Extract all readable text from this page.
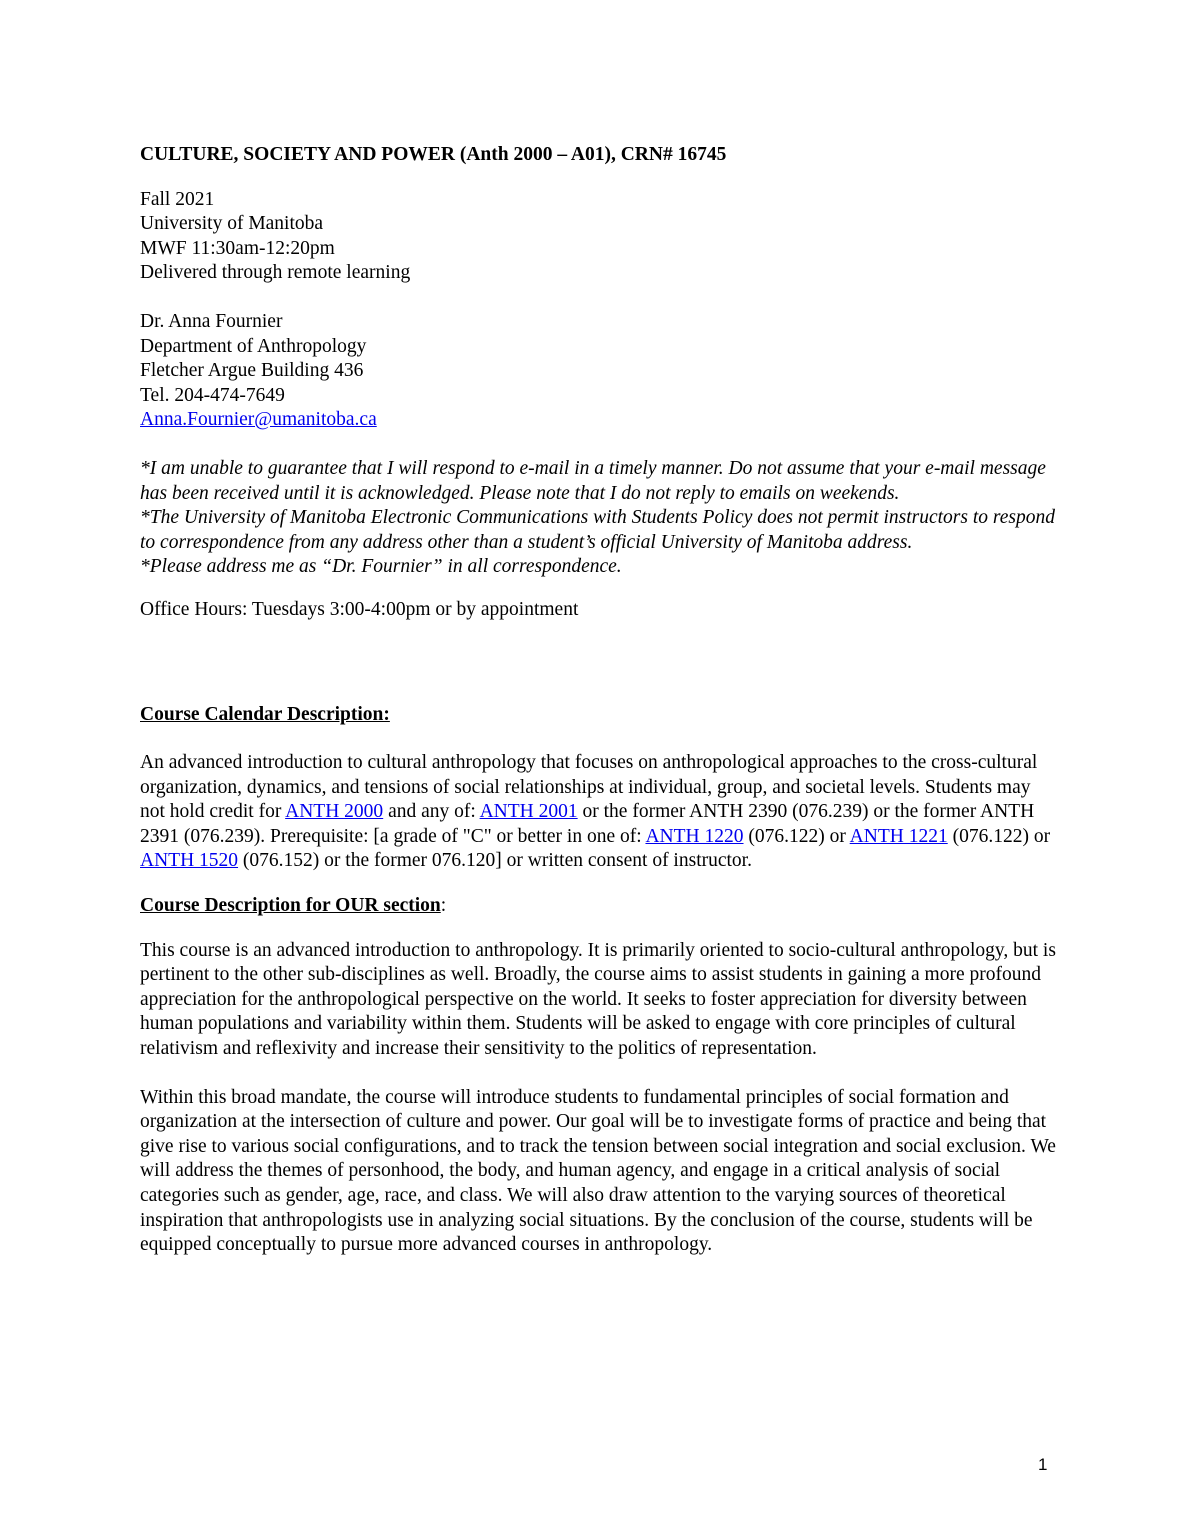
CULTURE, SOCIETY AND POWER (Anth 2000 – A01), CRN# 16745
Fall 2021
University of Manitoba
MWF 11:30am-12:20pm
Delivered through remote learning
Dr. Anna Fournier
Department of Anthropology
Fletcher Argue Building 436
Tel. 204-474-7649
Anna.Fournier@umanitoba.ca

*I am unable to guarantee that I will respond to e-mail in a timely manner. Do not assume that your e-mail message has been received until it is acknowledged. Please note that I do not reply to emails on weekends.

*The University of Manitoba Electronic Communications with Students Policy does not permit instructors to respond to correspondence from any address other than a student’s official University of Manitoba address.

*Please address me as “Dr. Fournier” in all correspondence.

Office Hours: Tuesdays 3:00-4:00pm or by appointment
Course Calendar Description:

An advanced introduction to cultural anthropology that focuses on anthropological approaches to the cross-cultural organization, dynamics, and tensions of social relationships at individual, group, and societal levels. Students may not hold credit for ANTH 2000 and any of: ANTH 2001 or the former ANTH 2390 (076.239) or the former ANTH 2391 (076.239). Prerequisite: [a grade of "C" or better in one of: ANTH 1220 (076.122) or ANTH 1221 (076.122) or ANTH 1520 (076.152) or the former 076.120] or written consent of instructor.

Course Description for OUR section:

This course is an advanced introduction to anthropology. It is primarily oriented to socio-cultural anthropology, but is pertinent to the other sub-disciplines as well. Broadly, the course aims to assist students in gaining a more profound appreciation for the anthropological perspective on the world. It seeks to foster appreciation for diversity between human populations and variability within them. Students will be asked to engage with core principles of cultural relativism and reflexivity and increase their sensitivity to the politics of representation.

Within this broad mandate, the course will introduce students to fundamental principles of social formation and organization at the intersection of culture and power. Our goal will be to investigate forms of practice and being that give rise to various social configurations, and to track the tension between social integration and social exclusion. We will address the themes of personhood, the body, and human agency, and engage in a critical analysis of social categories such as gender, age, race, and class. We will also draw attention to the varying sources of theoretical inspiration that anthropologists use in analyzing social situations. By the conclusion of the course, students will be equipped conceptually to pursue more advanced courses in anthropology.

1
